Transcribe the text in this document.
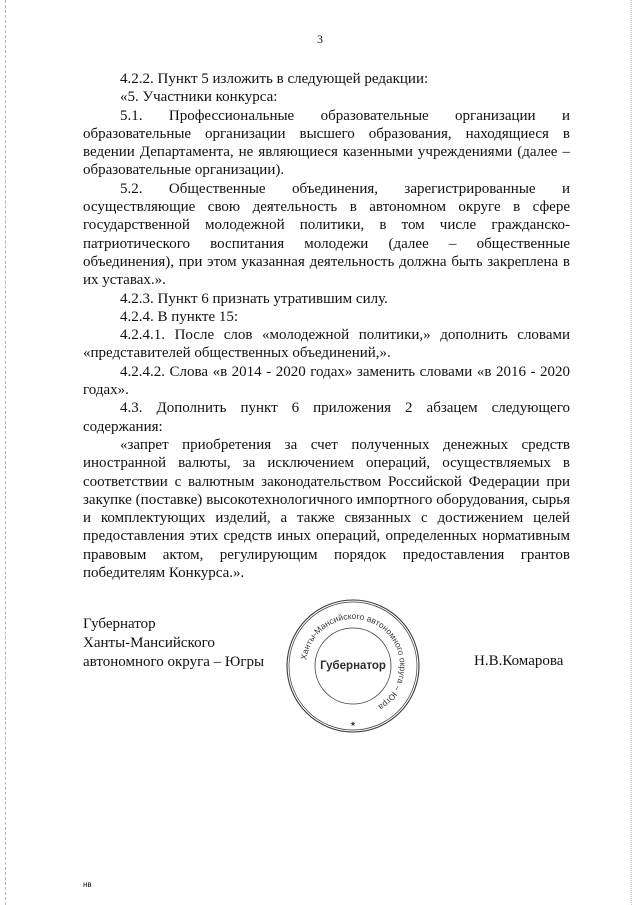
3

4.2.2. Пункт 5 изложить в следующей редакции:

«5. Участники конкурса:

5.1. Профессиональные образовательные организации и образовательные организации высшего образования, находящиеся в ведении Департамента, не являющиеся казенными учреждениями (далее – образовательные организации).

5.2. Общественные объединения, зарегистрированные и осуществляющие свою деятельность в автономном округе в сфере государственной молодежной политики, в том числе гражданско-патриотического воспитания молодежи (далее – общественные объединения), при этом указанная деятельность должна быть закреплена в их уставах.».

4.2.3. Пункт 6 признать утратившим силу.

4.2.4. В пункте 15:

4.2.4.1. После слов «молодежной политики,» дополнить словами «представителей общественных объединений,».

4.2.4.2. Слова «в 2014 - 2020 годах» заменить словами «в 2016 - 2020 годах».

4.3. Дополнить пункт 6 приложения 2 абзацем следующего содержания:

«запрет приобретения за счет полученных денежных средств иностранной валюты, за исключением операций, осуществляемых в соответствии с валютным законодательством Российской Федерации при закупке (поставке) высокотехнологичного импортного оборудования, сырья и комплектующих изделий, а также связанных с достижением целей предоставления этих средств иных операций, определенных нормативным правовым актом, регулирующим порядок предоставления грантов победителям Конкурса.».

Губернатор
Ханты-Мансийского
автономного округа – Югры	Ханты-Мансийского автономного округа – Югра
Губернатор
★
Н.В.Комарова
нв
